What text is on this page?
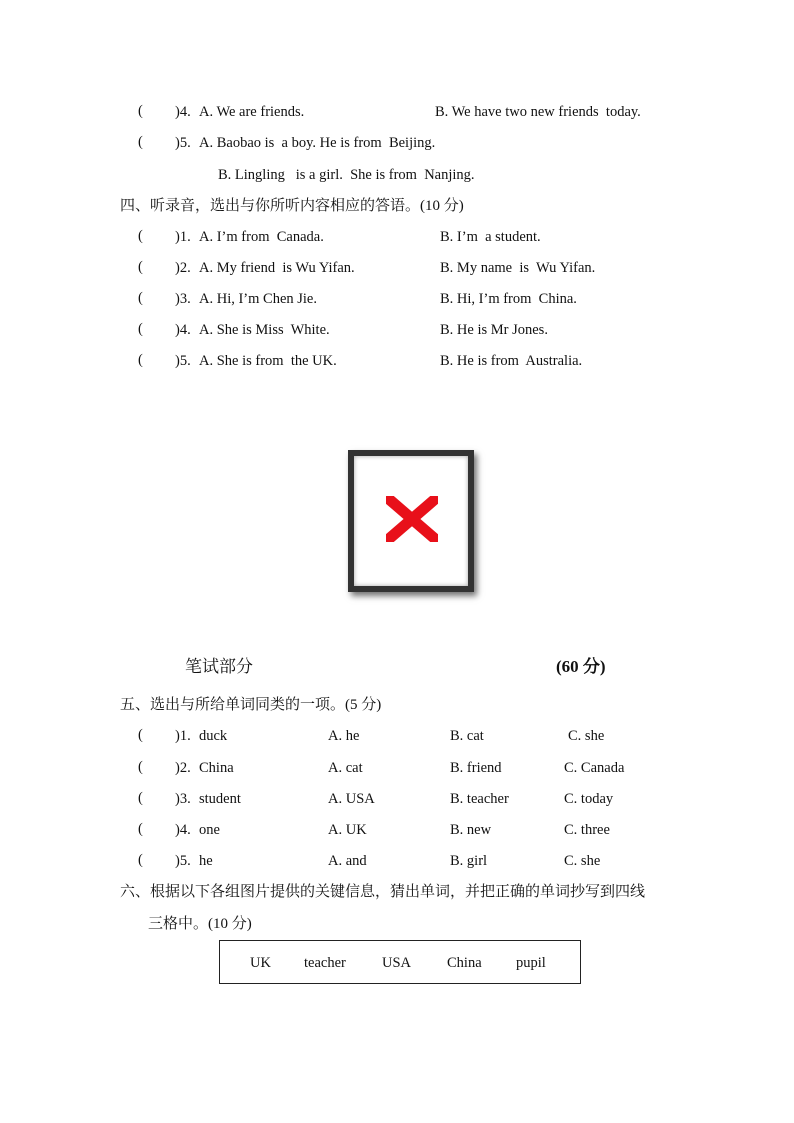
( )4. A. We are friends.	B. We have two new friends  today.
( )5. A. Baobao is  a boy. He is from  Beijing.
B. Lingling   is a girl.  She is from  Nanjing.
四、听录音，选出与你所听内容相应的答语。(10 分)
( )1. A. I’m from  Canada.	B. I’m  a student.
( )2. A. My friend  is Wu Yifan.	B. My name  is  Wu Yifan.
( )3. A. Hi, I’m Chen Jie.	B. Hi, I’m from  China.
( )4. A. She is Miss  White.	B. He is Mr Jones.
( )5. A. She is from  the UK.	B. He is from  Australia.
笔试部分	(60 分)
五、选出与所给单词同类的一项。(5 分)
( )1. duck	A. he	B. cat	C. she
( )2. China	A. cat	B. friend	C. Canada
( )3. student	A. USA	B. teacher	C. today
( )4. one	A. UK	B. new	C. three
( )5. he	A. and	B. girl	C. she
六、根据以下各组图片提供的关键信息，猜出单词，并把正确的单词抄写到四线
三格中。(10 分)
UK teacher USA China pupil
